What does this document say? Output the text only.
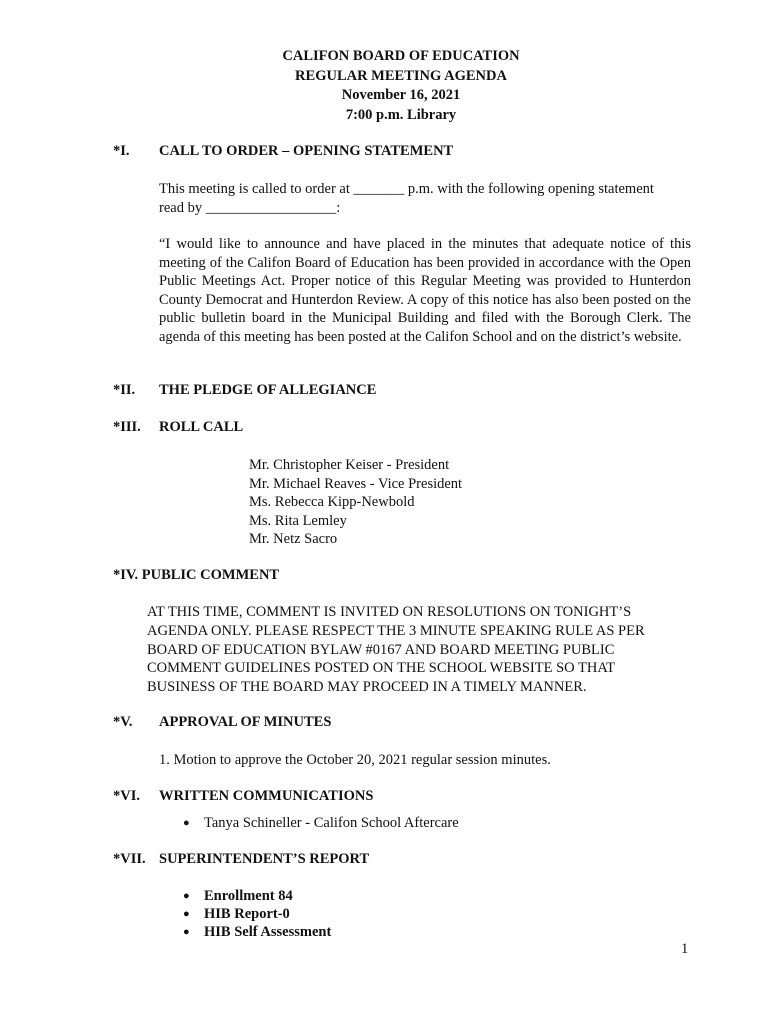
CALIFON BOARD OF EDUCATION
REGULAR MEETING AGENDA
November 16, 2021
7:00 p.m. Library
*I. CALL TO ORDER – OPENING STATEMENT
This meeting is called to order at _______ p.m. with the following opening statement
read by __________________:
“I would like to announce and have placed in the minutes that adequate notice of this meeting of the Califon Board of Education has been provided in accordance with the Open Public Meetings Act. Proper notice of this Regular Meeting was provided to Hunterdon County Democrat and Hunterdon Review. A copy of this notice has also been posted on the public bulletin board in the Municipal Building and filed with the Borough Clerk. The agenda of this meeting has been posted at the Califon School and on the district’s website.
*II. THE PLEDGE OF ALLEGIANCE
*III. ROLL CALL
Mr. Christopher Keiser - President
Mr. Michael Reaves - Vice President
Ms. Rebecca Kipp-Newbold
Ms. Rita Lemley
Mr. Netz Sacro
*IV. PUBLIC COMMENT
AT THIS TIME, COMMENT IS INVITED ON RESOLUTIONS ON TONIGHT’S
AGENDA ONLY. PLEASE RESPECT THE 3 MINUTE SPEAKING RULE AS PER
BOARD OF EDUCATION BYLAW #0167 AND BOARD MEETING PUBLIC
COMMENT GUIDELINES POSTED ON THE SCHOOL WEBSITE SO THAT
BUSINESS OF THE BOARD MAY PROCEED IN A TIMELY MANNER.
*V. APPROVAL OF MINUTES
1. Motion to approve the October 20, 2021 regular session minutes.
*VI. WRITTEN COMMUNICATIONS
● Tanya Schineller - Califon School Aftercare
*VII. SUPERINTENDENT’S REPORT
● Enrollment 84
● HIB Report-0
● HIB Self Assessment
1
